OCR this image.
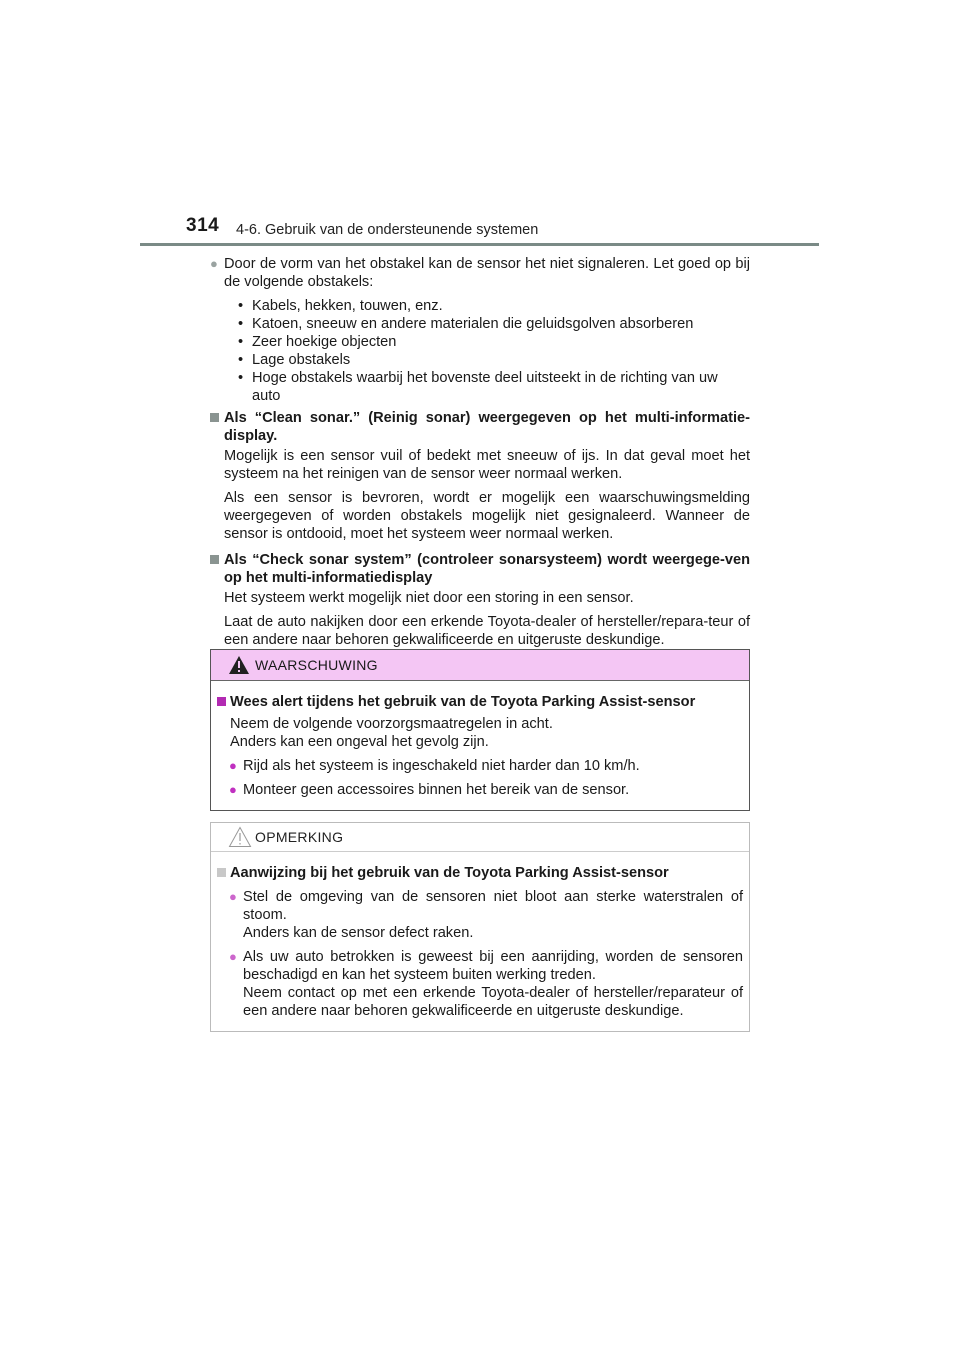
314 4-6. Gebruik van de ondersteunende systemen
● Door de vorm van het obstakel kan de sensor het niet signaleren. Let goed op bij de volgende obstakels:
• Kabels, hekken, touwen, enz.
• Katoen, sneeuw en andere materialen die geluidsgolven absorberen
• Zeer hoekige objecten
• Lage obstakels
• Hoge obstakels waarbij het bovenste deel uitsteekt in de richting van uw auto
Als “Clean sonar.” (Reinig sonar) weergegeven op het multi-informatie-display.
Mogelijk is een sensor vuil of bedekt met sneeuw of ijs. In dat geval moet het systeem na het reinigen van de sensor weer normaal werken.
Als een sensor is bevroren, wordt er mogelijk een waarschuwingsmelding weergegeven of worden obstakels mogelijk niet gesignaleerd. Wanneer de sensor is ontdooid, moet het systeem weer normaal werken.
Als “Check sonar system” (controleer sonarsysteem) wordt weergege-ven op het multi-informatiedisplay
Het systeem werkt mogelijk niet door een storing in een sensor.
Laat de auto nakijken door een erkende Toyota-dealer of hersteller/repara-teur of een andere naar behoren gekwalificeerde en uitgeruste deskundige.
WAARSCHUWING
Wees alert tijdens het gebruik van de Toyota Parking Assist-sensor
Neem de volgende voorzorgsmaatregelen in acht.
Anders kan een ongeval het gevolg zijn.
● Rijd als het systeem is ingeschakeld niet harder dan 10 km/h.
● Monteer geen accessoires binnen het bereik van de sensor.
OPMERKING
Aanwijzing bij het gebruik van de Toyota Parking Assist-sensor
● Stel de omgeving van de sensoren niet bloot aan sterke waterstralen of stoom.
Anders kan de sensor defect raken.
● Als uw auto betrokken is geweest bij een aanrijding, worden de sensoren beschadigd en kan het systeem buiten werking treden.
Neem contact op met een erkende Toyota-dealer of hersteller/reparateur of een andere naar behoren gekwalificeerde en uitgeruste deskundige.
